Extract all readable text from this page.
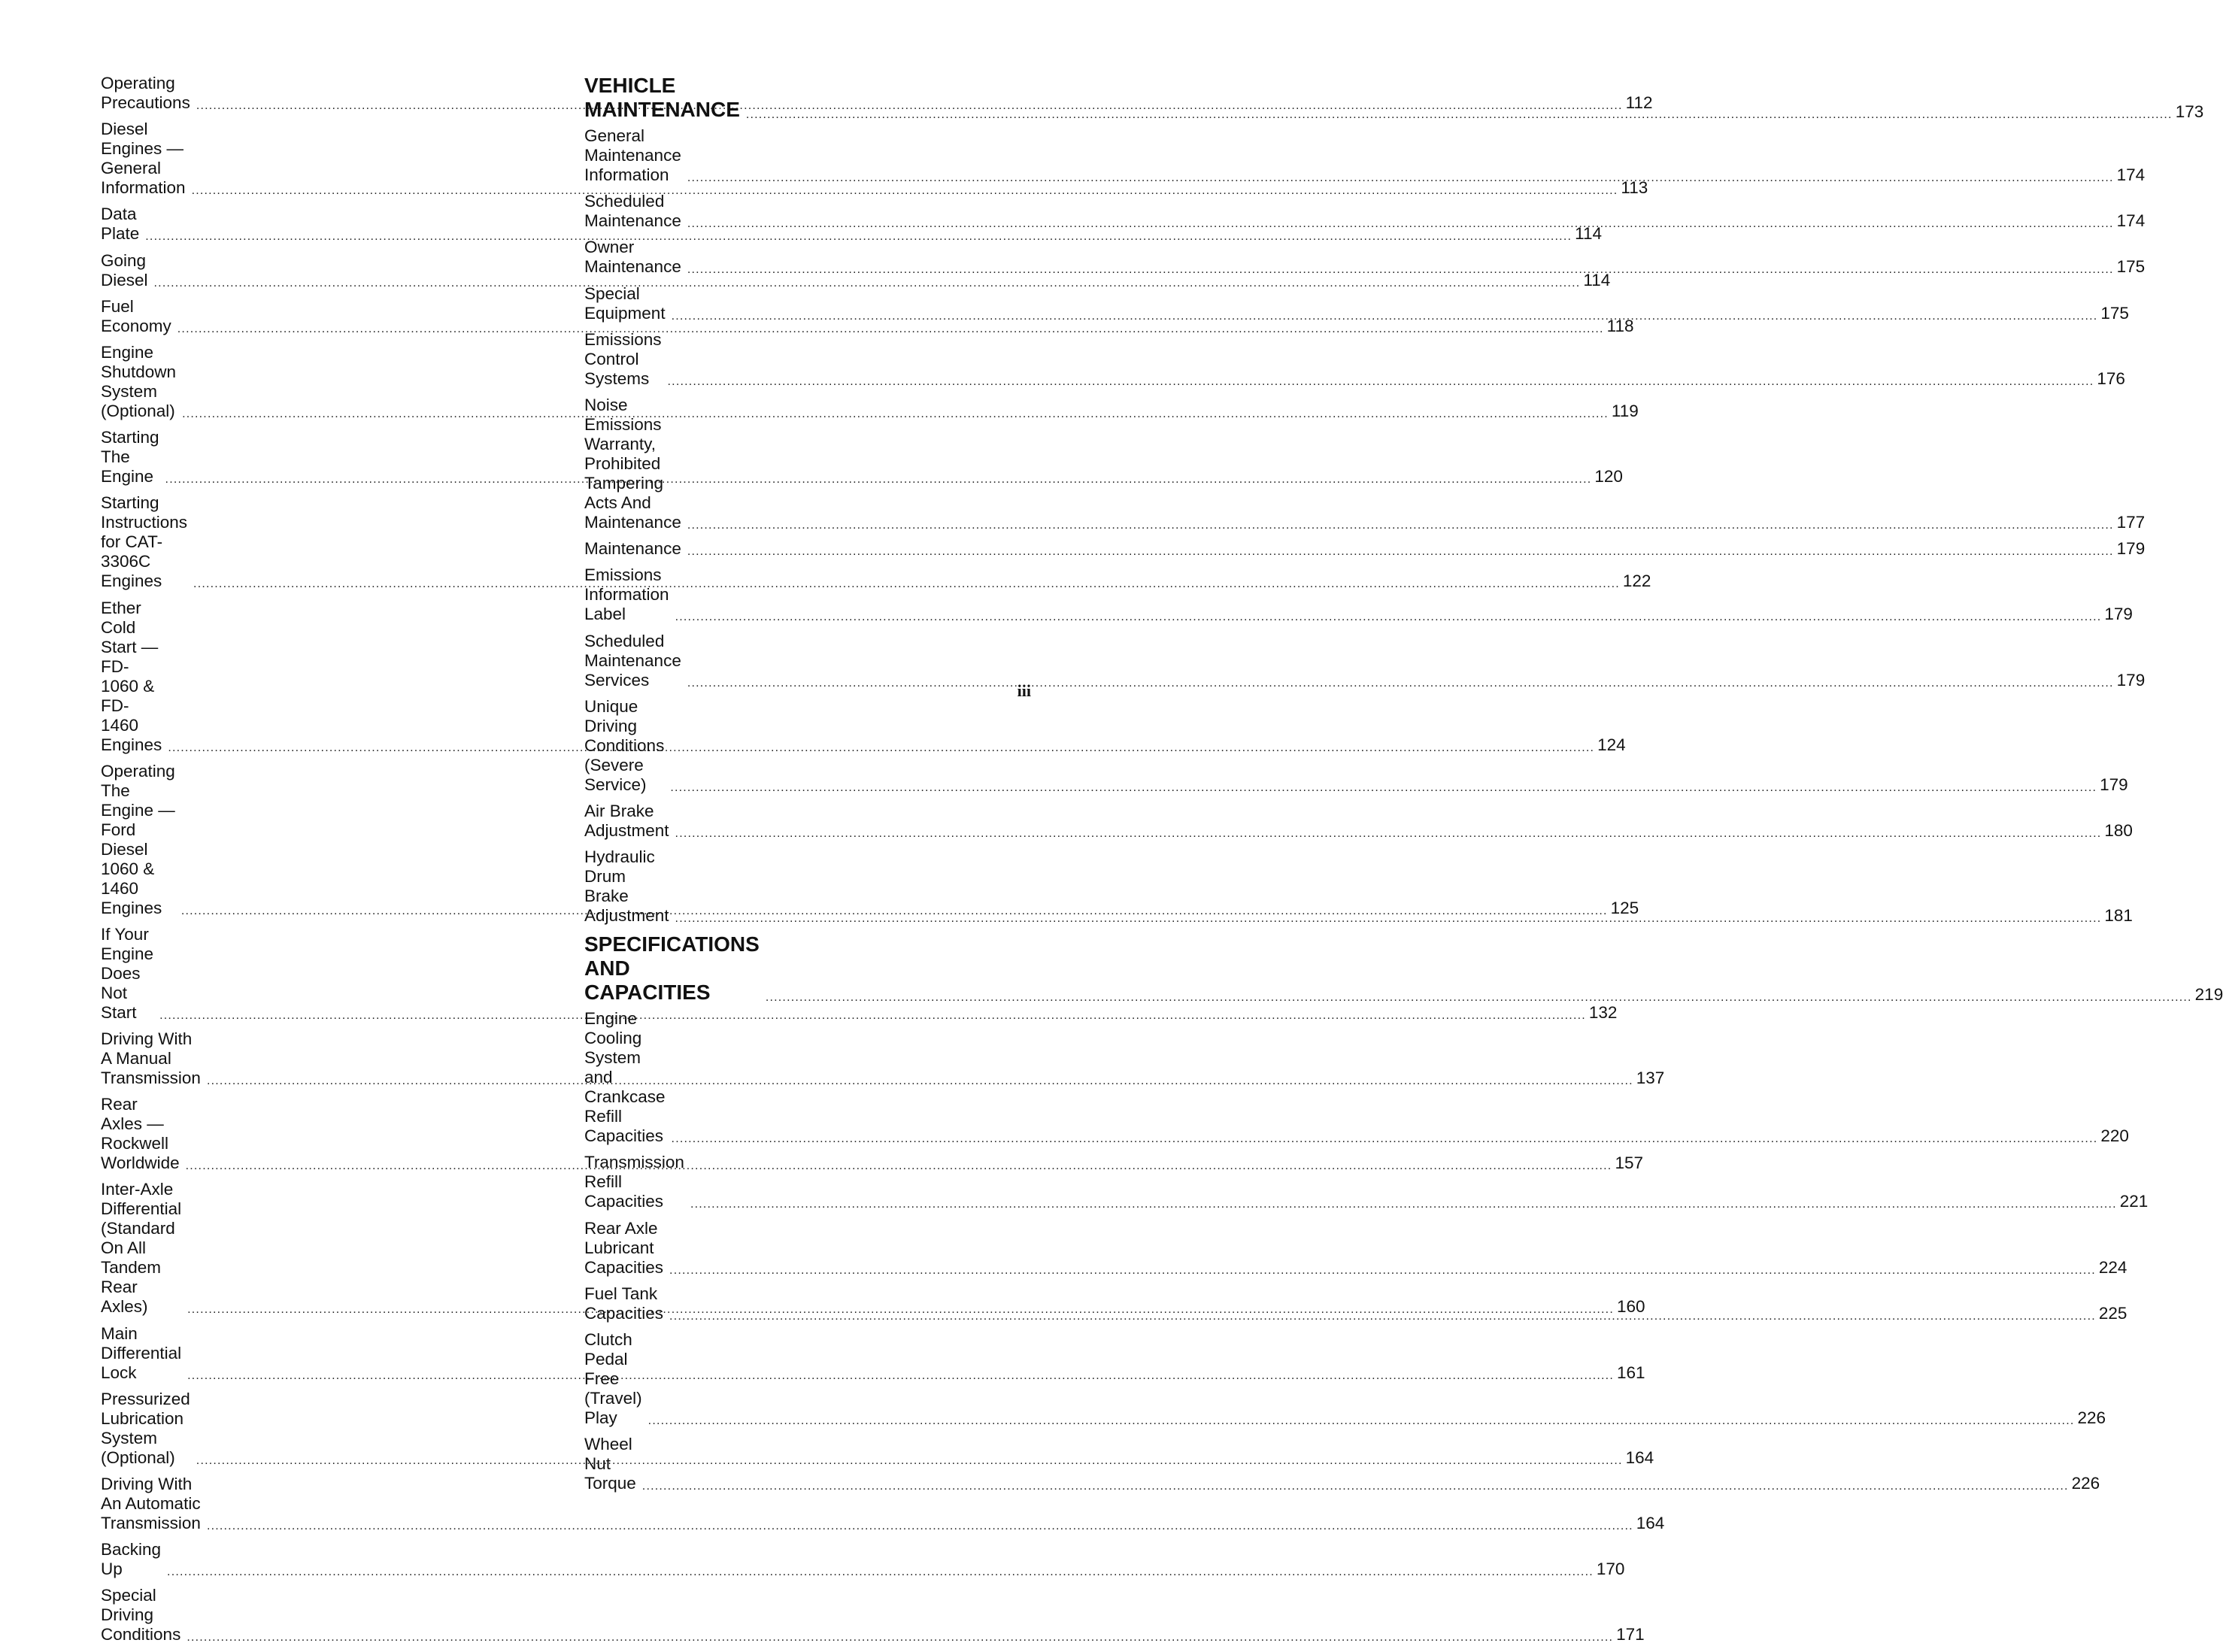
Operating Precautions .....	112
Diesel Engines — General Information .....	113
Data Plate .....	114
Going Diesel .....	114
Fuel Economy .....	118
Engine Shutdown System (Optional) .....	119
Starting The Engine .....	120
Starting Instructions for CAT-3306C Engines .....	122
Ether Cold Start — FD-1060 & FD-1460
Engines .....	124
Operating The Engine — Ford Diesel 1060 & 1460
Engines .....	125
If Your Engine Does Not Start .....	132
Driving With A Manual Transmission .....	137
Rear Axles — Rockwell Worldwide .....	157
Inter-Axle Differential (Standard On All Tandem
Rear Axles) .....	160
Main Differential Lock .....	161
Pressurized Lubrication System (Optional) .....	164
Driving With An Automatic Transmission .....	164
Backing Up .....	170
Special Driving Conditions .....	171
VEHICLE MAINTENANCE .....	173
General Maintenance Information .....	174
Scheduled Maintenance .....	174
Owner Maintenance .....	175
Special Equipment .....	175
Emissions Control Systems .....	176
Noise Emissions Warranty, Prohibited Tampering
Acts And Maintenance .....	177
Maintenance .....	179
Emissions Information Label .....	179
Scheduled Maintenance Services .....	179
Unique Driving Conditions (Severe Service) .....	179
Air Brake Adjustment .....	180
Hydraulic Drum Brake Adjustment .....	181
SPECIFICATIONS AND CAPACITIES .....	219
Engine Cooling System and Crankcase Refill
Capacities .....	220
Transmission Refill Capacities .....	221
Rear Axle Lubricant Capacities .....	224
Fuel Tank Capacities .....	225
Clutch Pedal Free (Travel) Play .....	226
Wheel Nut Torque .....	226
iii
